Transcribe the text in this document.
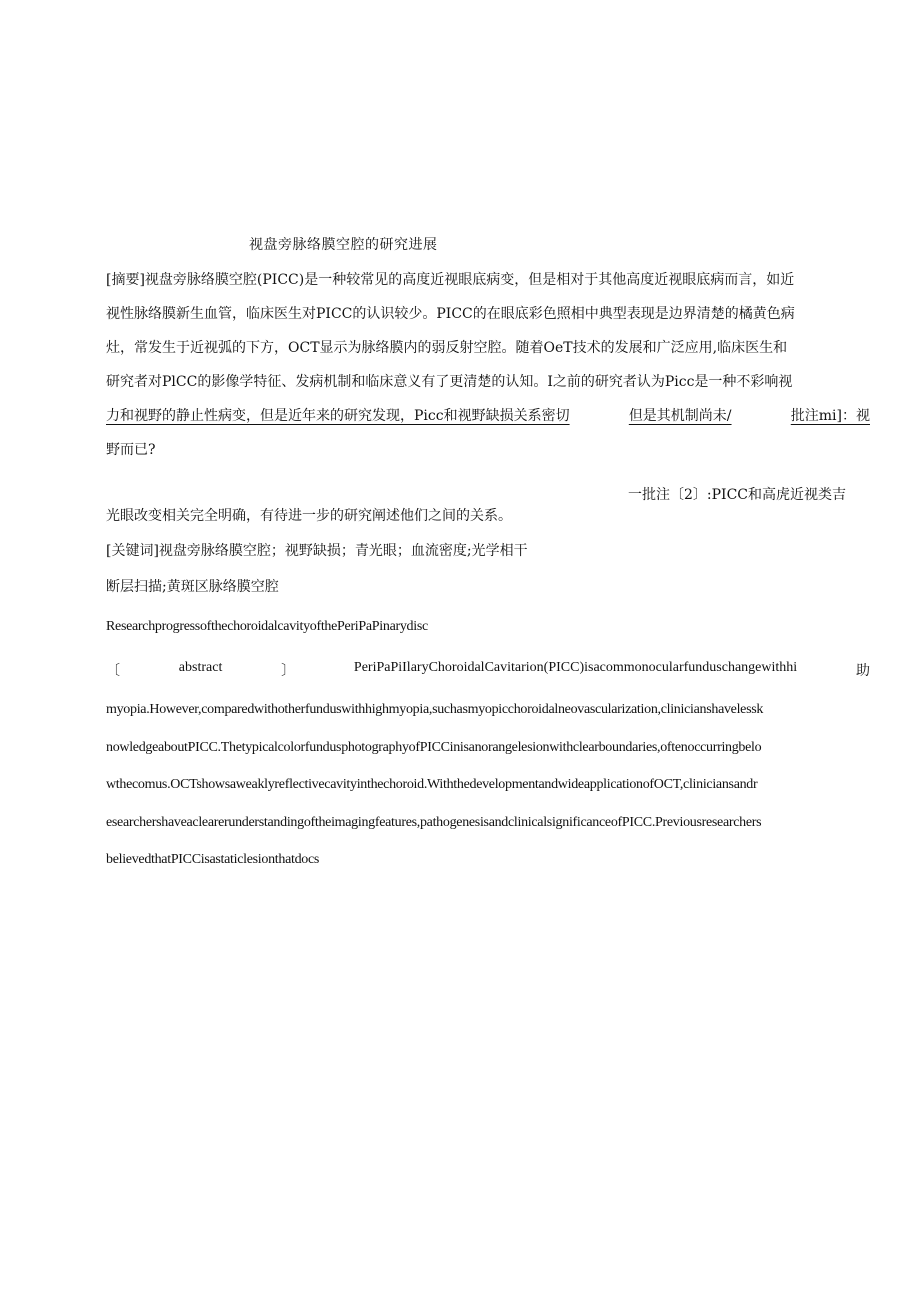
视盘旁脉络膜空腔的研究进展
[摘要]视盘旁脉络膜空腔(PICC)是一种较常见的高度近视眼底病变，但是相对于其他高度近视眼底病而言，如近
视性脉络膜新生血管，临床医生对PICC的认识较少。PICC的在眼底彩色照相中典型表现是边界清楚的橘黄色病
灶，常发生于近视弧的下方，OCT显示为脉络膜内的弱反射空腔。随着OeT技术的发展和广泛应用,临床医生和
研究者对PlCC的影像学特征、发病机制和临床意义有了更清楚的认知。I之前的研究者认为Picc是一种不彩响视
力和视野的静止性病变，但是近年来的研究发现，Picc和视野缺损关系密切	但是其机制尚未/	批注mi]：视
野而已?
一批注〔2〕:PICC和高虎近视类吉
光眼改变相关完全明确，有待进一步的研究阐述他们之间的关系。
[关键词]视盘旁脉络膜空腔；视野缺损；青光眼；血流密度;光学相干
断层扫描;黄斑区脉络膜空腔
ResearchprogressofthechoroidalcavityofthePeriPaPinarydisc
〔	abstract	〕	PeriPaPiIlaryChoroidalCavitarion(PICC)isacommonocularfunduschangewithhi	助
myopia.However,comparedwithotherfunduswithhighmyopia,suchasmyopicchoroidalneovascularization,clinicianshavelessk
nowledgeaboutPICC.ThetypicalcolorfundusphotographyofPICCinisanorangelesionwithclearboundaries,oftenoccurringbelo
wthecomus.OCTshowsaweaklyreflectivecavityinthechoroid.WiththedevelopmentandwideapplicationofOCT,cliniciansandr
esearchershaveaclearerunderstandingoftheimagingfeatures,pathogenesisandclinicalsignificanceofPICC.Previousresearchers
believedthatPICCisastaticlesionthatdocs
